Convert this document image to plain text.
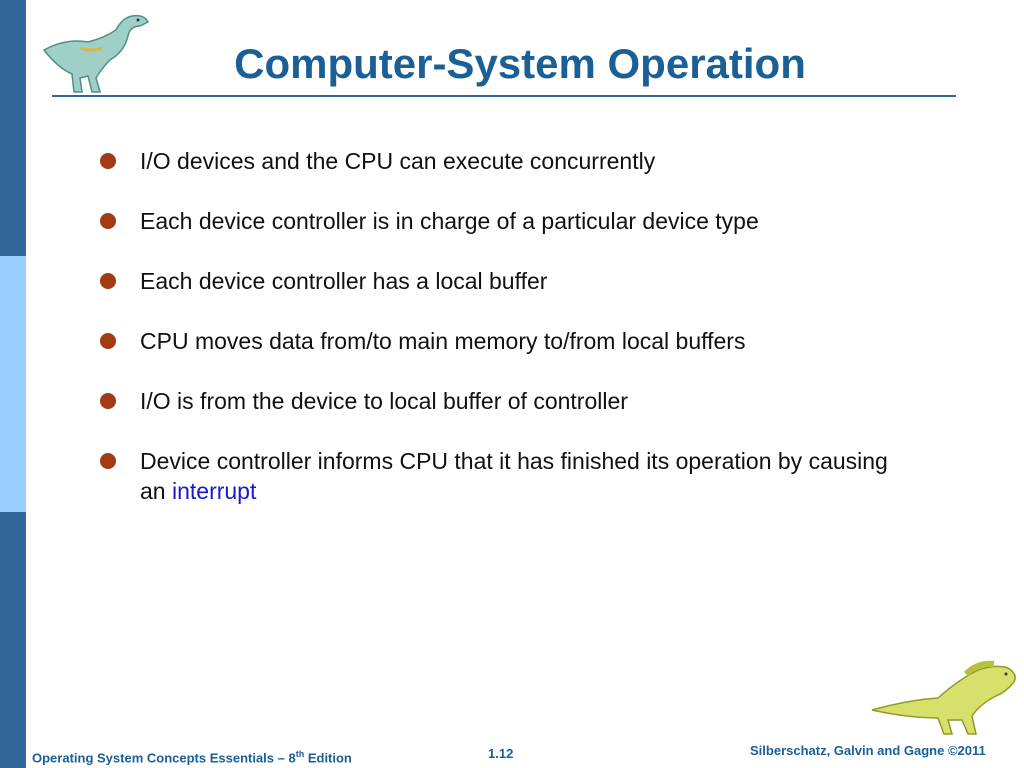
Computer-System Operation
I/O devices and the CPU can execute concurrently
Each device controller is in charge of a particular device type
Each device controller has a local buffer
CPU moves data from/to main memory to/from local buffers
I/O is from the device to local buffer of controller
Device controller informs CPU that it has finished its operation by causing an interrupt
Operating System Concepts Essentials – 8th Edition	1.12	Silberschatz, Galvin and Gagne ©2011
